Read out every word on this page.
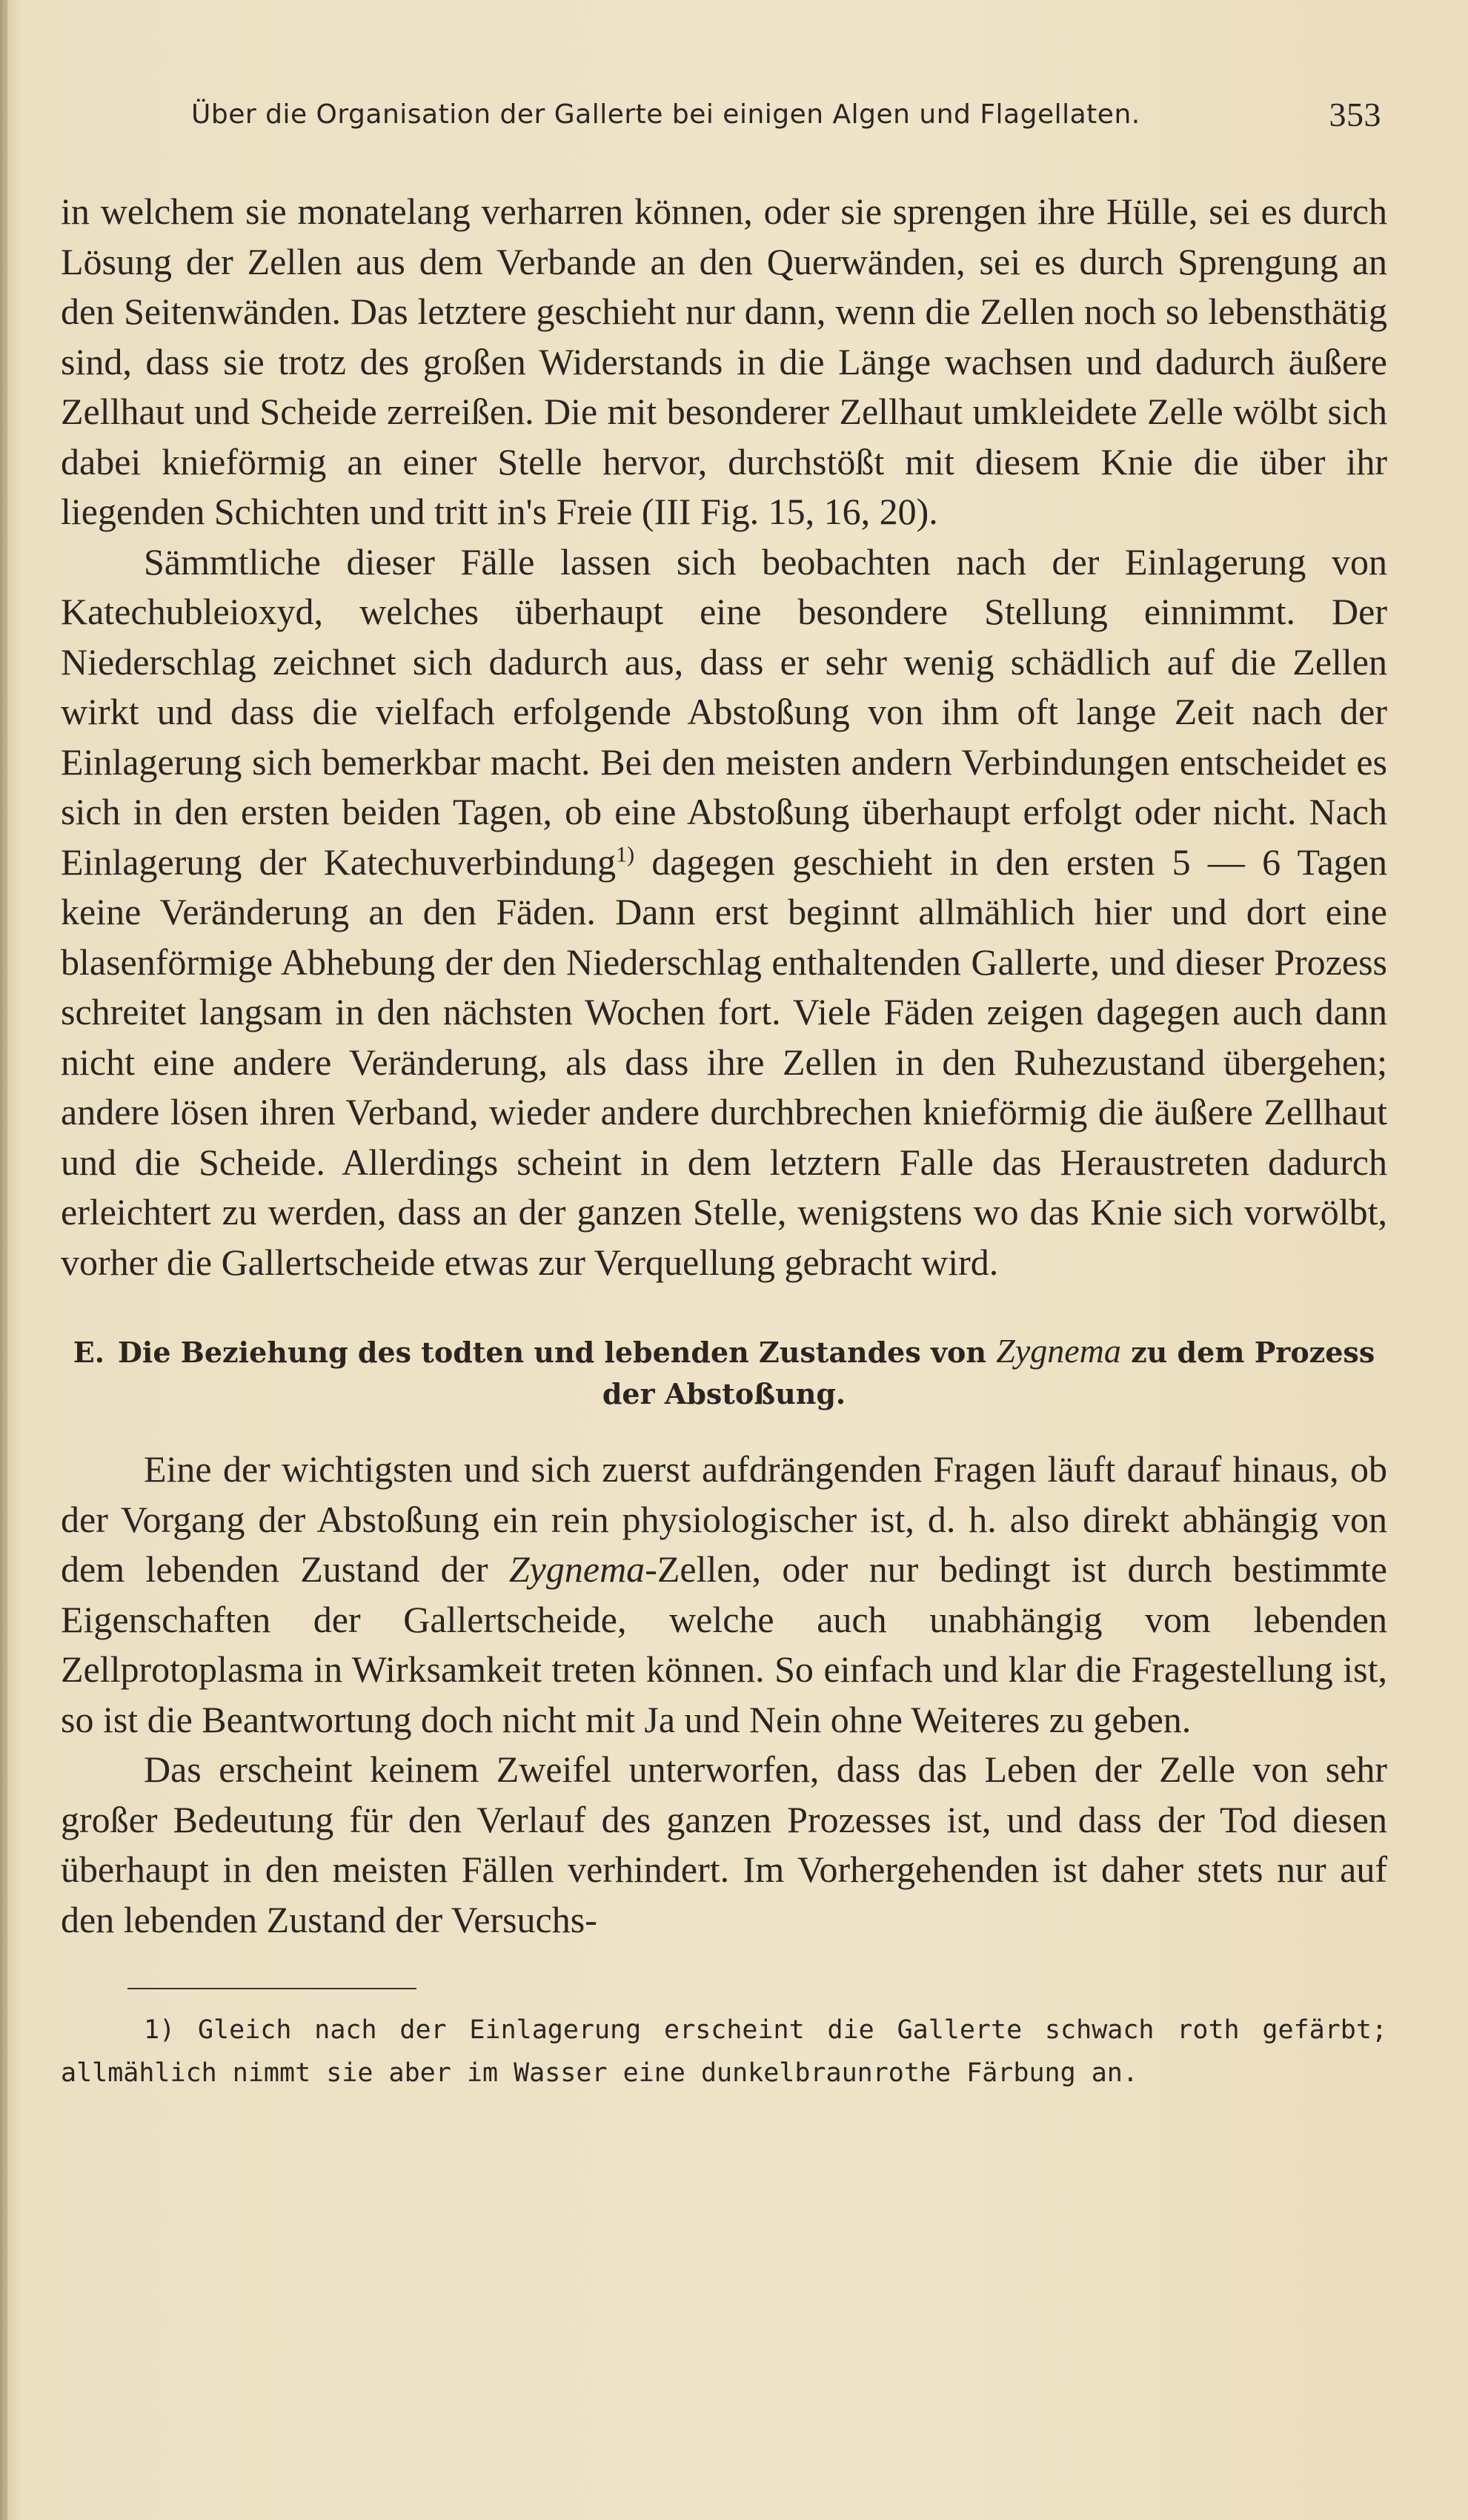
Über die Organisation der Gallerte bei einigen Algen und Flagellaten.	353

in welchem sie monatelang verharren können, oder sie sprengen ihre Hülle, sei es durch Lösung der Zellen aus dem Verbande an den Querwänden, sei es durch Sprengung an den Seitenwänden. Das letztere geschieht nur dann, wenn die Zellen noch so lebensthätig sind, dass sie trotz des großen Widerstands in die Länge wachsen und dadurch äußere Zellhaut und Scheide zerreißen. Die mit besonderer Zellhaut umkleidete Zelle wölbt sich dabei knieförmig an einer Stelle hervor, durchstößt mit diesem Knie die über ihr liegenden Schichten und tritt in's Freie (III Fig. 15, 16, 20).

Sämmtliche dieser Fälle lassen sich beobachten nach der Einlagerung von Katechubleioxyd, welches überhaupt eine besondere Stellung einnimmt. Der Niederschlag zeichnet sich dadurch aus, dass er sehr wenig schädlich auf die Zellen wirkt und dass die vielfach erfolgende Abstoßung von ihm oft lange Zeit nach der Einlagerung sich bemerkbar macht. Bei den meisten andern Verbindungen entscheidet es sich in den ersten beiden Tagen, ob eine Abstoßung überhaupt erfolgt oder nicht. Nach Einlagerung der Katechuverbindung$^{1)}$ dagegen geschieht in den ersten 5 — 6 Tagen keine Veränderung an den Fäden. Dann erst beginnt allmählich hier und dort eine blasenförmige Abhebung der den Niederschlag enthaltenden Gallerte, und dieser Prozess schreitet langsam in den nächsten Wochen fort. Viele Fäden zeigen dagegen auch dann nicht eine andere Veränderung, als dass ihre Zellen in den Ruhezustand übergehen; andere lösen ihren Verband, wieder andere durchbrechen knieförmig die äußere Zellhaut und die Scheide. Allerdings scheint in dem letztern Falle das Heraustreten dadurch erleichtert zu werden, dass an der ganzen Stelle, wenigstens wo das Knie sich vorwölbt, vorher die Gallertscheide etwas zur Verquellung gebracht wird.

E. Die Beziehung des todten und lebenden Zustandes von Zygnema zu dem Prozess der Abstoßung.

Eine der wichtigsten und sich zuerst aufdrängenden Fragen läuft darauf hinaus, ob der Vorgang der Abstoßung ein rein physiologischer ist, d. h. also direkt abhängig von dem lebenden Zustand der Zygnema-Zellen, oder nur bedingt ist durch bestimmte Eigenschaften der Gallertscheide, welche auch unabhängig vom lebenden Zellprotoplasma in Wirksamkeit treten können. So einfach und klar die Fragestellung ist, so ist die Beantwortung doch nicht mit Ja und Nein ohne Weiteres zu geben.

Das erscheint keinem Zweifel unterworfen, dass das Leben der Zelle von sehr großer Bedeutung für den Verlauf des ganzen Prozesses ist, und dass der Tod diesen überhaupt in den meisten Fällen verhindert. Im Vorhergehenden ist daher stets nur auf den lebenden Zustand der Versuchs-

1) Gleich nach der Einlagerung erscheint die Gallerte schwach roth gefärbt; allmählich nimmt sie aber im Wasser eine dunkelbraunrothe Färbung an.
